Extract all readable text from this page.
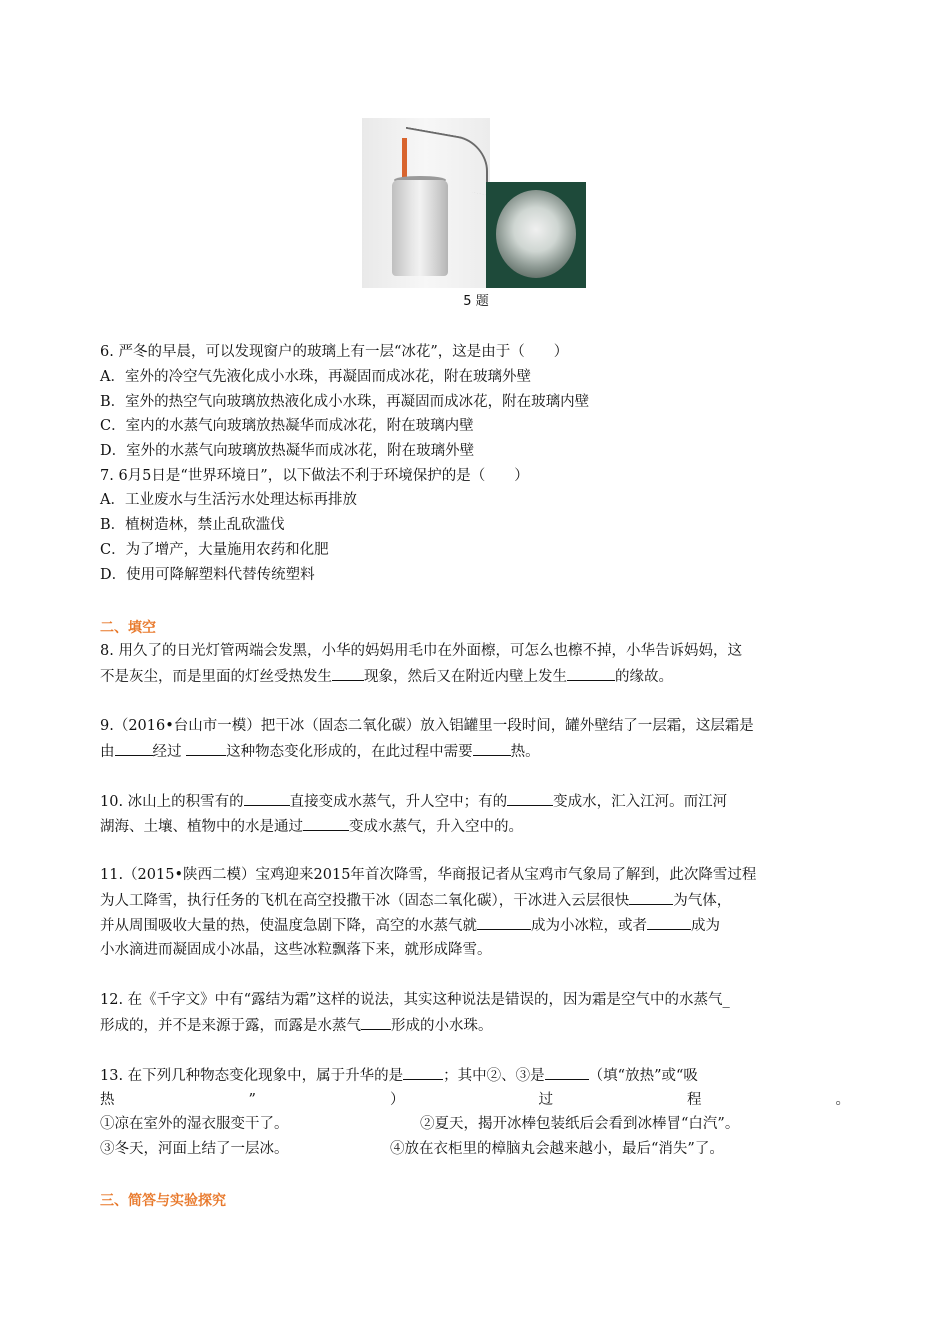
5 题
6. 严冬的早晨，可以发现窗户的玻璃上有一层“冰花”，这是由于（　　）
A．室外的冷空气先液化成小水珠，再凝固而成冰花，附在玻璃外壁
B．室外的热空气向玻璃放热液化成小水珠，再凝固而成冰花，附在玻璃内壁
C．室内的水蒸气向玻璃放热凝华而成冰花，附在玻璃内壁
D．室外的水蒸气向玻璃放热凝华而成冰花，附在玻璃外壁
7. 6月5日是“世界环境日”，以下做法不利于环境保护的是（　　）
A．工业废水与生活污水处理达标再排放
B．植树造林，禁止乱砍滥伐
C．为了增产，大量施用农药和化肥
D．使用可降解塑料代替传统塑料
二、填空
8. 用久了的日光灯管两端会发黑，小华的妈妈用毛巾在外面檫，可怎么也檫不掉，小华告诉妈妈，这
不是灰尘，而是里面的灯丝受热发生 现象，然后又在附近内壁上发生	的缘故。
9.（2016•台山市一模）把干冰（固态二氧化碳）放入铝罐里一段时间，罐外壁结了一层霜，这层霜是
由	经过	这种物态变化形成的，在此过程中需要	热。
10. 冰山上的积雪有的	直接变成水蒸气，升人空中；有的	变成水，汇入江河。而江河
湖海、土壤、植物中的水是通过	变成水蒸气，升入空中的。
11.（2015•陕西二模）宝鸡迎来2015年首次降雪，华商报记者从宝鸡市气象局了解到，此次降雪过程
为人工降雪，执行任务的飞机在高空投撒干冰（固态二氧化碳），干冰进入云层很快	为气体，
并从周围吸收大量的热，使温度急剧下降，高空的水蒸气就	成为小冰粒，或者	成为
小水滴进而凝固成小冰晶，这些冰粒飘落下来，就形成降雪。
12. 在《千字文》中有“露结为霜”这样的说法，其实这种说法是错误的，因为霜是空气中的水蒸气_
形成的，并不是来源于露，而露是水蒸气 形成的小水珠。
13. 在下列几种物态变化现象中，属于升华的是	；其中②、③是	（填“放热”或“吸
热	”	）	过	程	。
①凉在室外的湿衣服变干了。	②夏天，揭开冰棒包装纸后会看到冰棒冒“白汽”。
③冬天，河面上结了一层冰。	④放在衣柜里的樟脑丸会越来越小，最后“消失”了。
三、简答与实验探究
